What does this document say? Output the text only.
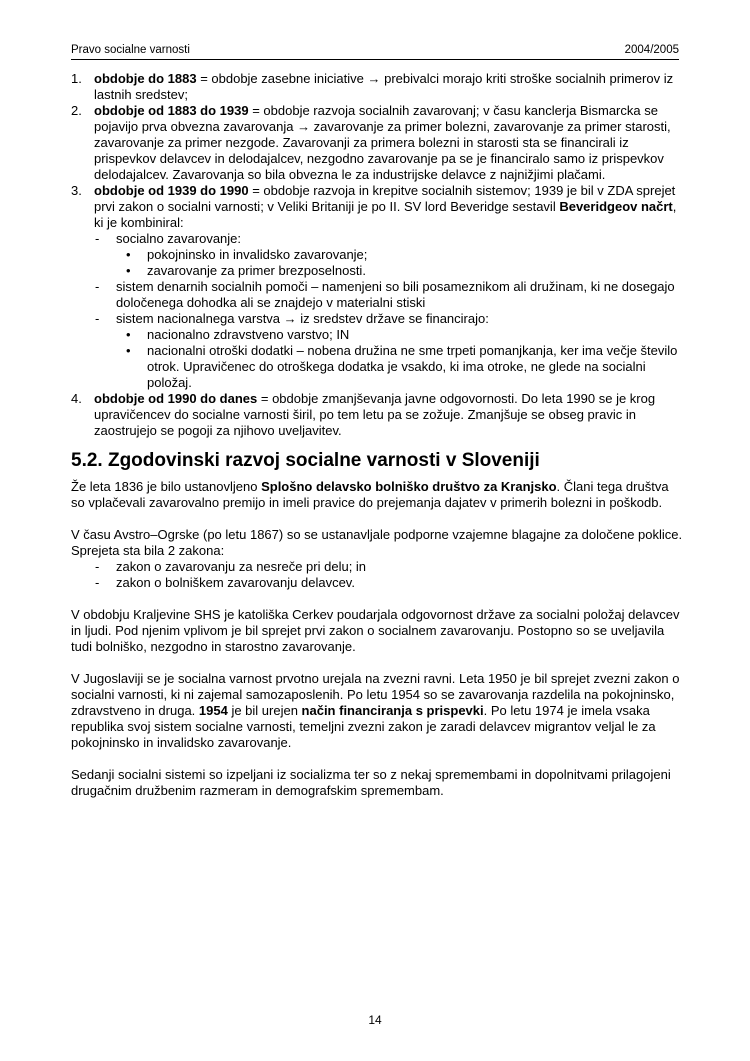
Pravo socialne varnosti	2004/2005
1. obdobje do 1883 = obdobje zasebne iniciative → prebivalci morajo kriti stroške socialnih primerov iz lastnih sredstev;
2. obdobje od 1883 do 1939 = obdobje razvoja socialnih zavarovanj; v času kanclerja Bismarcka se pojavijo prva obvezna zavarovanja → zavarovanje za primer bolezni, zavarovanje za primer starosti, zavarovanje za primer nezgode. Zavarovanji za primera bolezni in starosti sta se financirali iz prispevkov delavcev in delodajalcev, nezgodno zavarovanje pa se je financiralo samo iz prispevkov delodajalcev. Zavarovanja so bila obvezna le za industrijske delavce z najnižjimi plačami.
3. obdobje od 1939 do 1990 = obdobje razvoja in krepitve socialnih sistemov; 1939 je bil v ZDA sprejet prvi zakon o socialni varnosti; v Veliki Britaniji je po II. SV lord Beveridge sestavil Beveridgeov načrt, ki je kombiniral:
- socialno zavarovanje:
• pokojninsko in invalidsko zavarovanje;
• zavarovanje za primer brezposelnosti.
- sistem denarnih socialnih pomoči – namenjeni so bili posameznikom ali družinam, ki ne dosegajo določenega dohodka ali se znajdejo v materialni stiski
- sistem nacionalnega varstva → iz sredstev države se financirajo:
• nacionalno zdravstveno varstvo; IN
• nacionalni otroški dodatki – nobena družina ne sme trpeti pomanjkanja, ker ima večje število otrok. Upravičenec do otroškega dodatka je vsakdo, ki ima otroke, ne glede na socialni položaj.
4. obdobje od 1990 do danes = obdobje zmanjševanja javne odgovornosti. Do leta 1990 se je krog upravičencev do socialne varnosti širil, po tem letu pa se zožuje. Zmanjšuje se obseg pravic in zaostrujejo se pogoji za njihovo uveljavitev.
5.2. Zgodovinski razvoj socialne varnosti v Sloveniji

Že leta 1836 je bilo ustanovljeno Splošno delavsko bolniško društvo za Kranjsko. Člani tega društva so vplačevali zavarovalno premijo in imeli pravice do prejemanja dajatev v primerih bolezni in poškodb.

V času Avstro–Ogrske (po letu 1867) so se ustanavljale podporne vzajemne blagajne za določene poklice. Sprejeta sta bila 2 zakona:

- zakon o zavarovanju za nesreče pri delu; in
- zakon o bolniškem zavarovanju delavcev.

V obdobju Kraljevine SHS je katoliška Cerkev poudarjala odgovornost države za socialni položaj delavcev in ljudi. Pod njenim vplivom je bil sprejet prvi zakon o socialnem zavarovanju. Postopno so se uveljavila tudi bolniško, nezgodno in starostno zavarovanje.

V Jugoslaviji se je socialna varnost prvotno urejala na zvezni ravni. Leta 1950 je bil sprejet zvezni zakon o socialni varnosti, ki ni zajemal samozaposlenih. Po letu 1954 so se zavarovanja razdelila na pokojninsko, zdravstveno in druga. 1954 je bil urejen način financiranja s prispevki. Po letu 1974 je imela vsaka republika svoj sistem socialne varnosti, temeljni zvezni zakon je zaradi delavcev migrantov veljal le za pokojninsko in invalidsko zavarovanje.

Sedanji socialni sistemi so izpeljani iz socializma ter so z nekaj spremembami in dopolnitvami prilagojeni drugačnim družbenim razmeram in demografskim spremembam.

14
